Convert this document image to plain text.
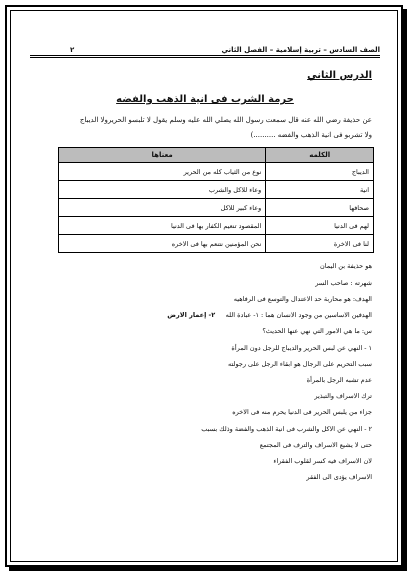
الصف السادس – تربية إسلامية – الفصل الثاني
٢
الدرس الثاني
حرمة الشرب فى انية الذهب والفضه
عن حذيفة رضي الله عنه قال سمعت رسول الله يصلي الله عليه وسلم يقول لا تلبسو الحريرولا الديباج
ولا تشربو فى انية الذهب والفضه ..........)
الكلمه	معناها
الديباج	نوع من الثياب كله من الحرير
انية	وعاء للاكل والشرب
صحافها	وعاء كبير للاكل
لهم فى الدنيا	المقصود تنعيم الكفار بها فى الدنيا
لنا فى الاخرة	نحن المؤمنين نتنعم بها فى الاخره
هو حذيفة بن اليمان
شهرته : صاحب السر
الهدف: هو محاربة حد الاعتدال والتوسع فى الرفاهيه
الهدفين الاساسين من وجود الانسان هما : ١- عبادة الله     ٢- إعمار الارض
س: ما هي الامور التي نهي عنها الحديث؟
١ - النهي عن لبس الحرير والديباج للرجل دون المرأة
سبب التحريم على الرجال هو ابقاء الرجل على رجولته
عدم تشبه الرجل بالمرأة
ترك الاسراف والتبذير
جزاء من يلبس الحرير فى الدنيا يحرم منه فى الاخره
٢ - النهي عن الاكل والشرب فى انية الذهب والفضة وذلك بسبب
حتى لا يشيع الاسراف والترف فى المجتمع
لان الاسراف فيه كسر لقلوب الفقراء
الاسراف يؤدى الى الفقر
